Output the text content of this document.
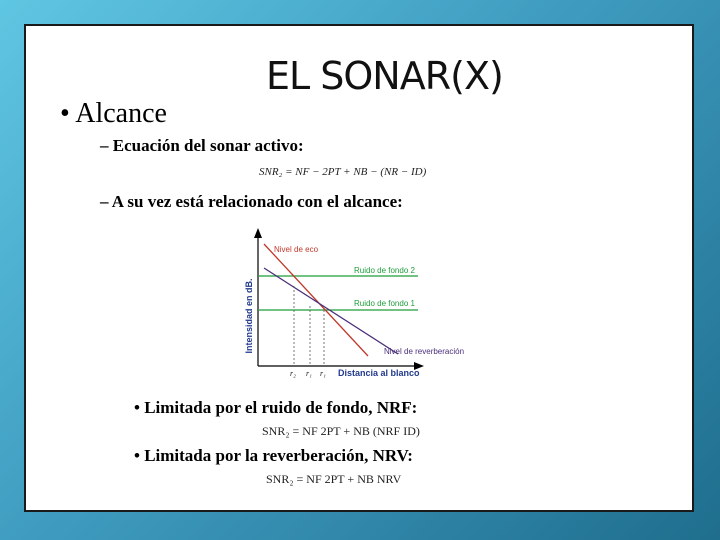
EL SONAR(X)
• Alcance
– Ecuación del sonar activo:
SNR₂ = NF − 2PT + NB − (NR − ID)
– A su vez está relacionado con el alcance:
• Limitada por el ruido de fondo, NRF:
SNR₂ = NF 2PT + NB (NRF ID)
• Limitada por la reverberación, NRV:
SNR₂ = NF 2PT + NB NRV
Intensidad en dB.
Nivel de eco
Ruido de fondo 2
Ruido de fondo 1
Nivel de reverberación
r₂ r₁ r₁ Distancia al blanco
